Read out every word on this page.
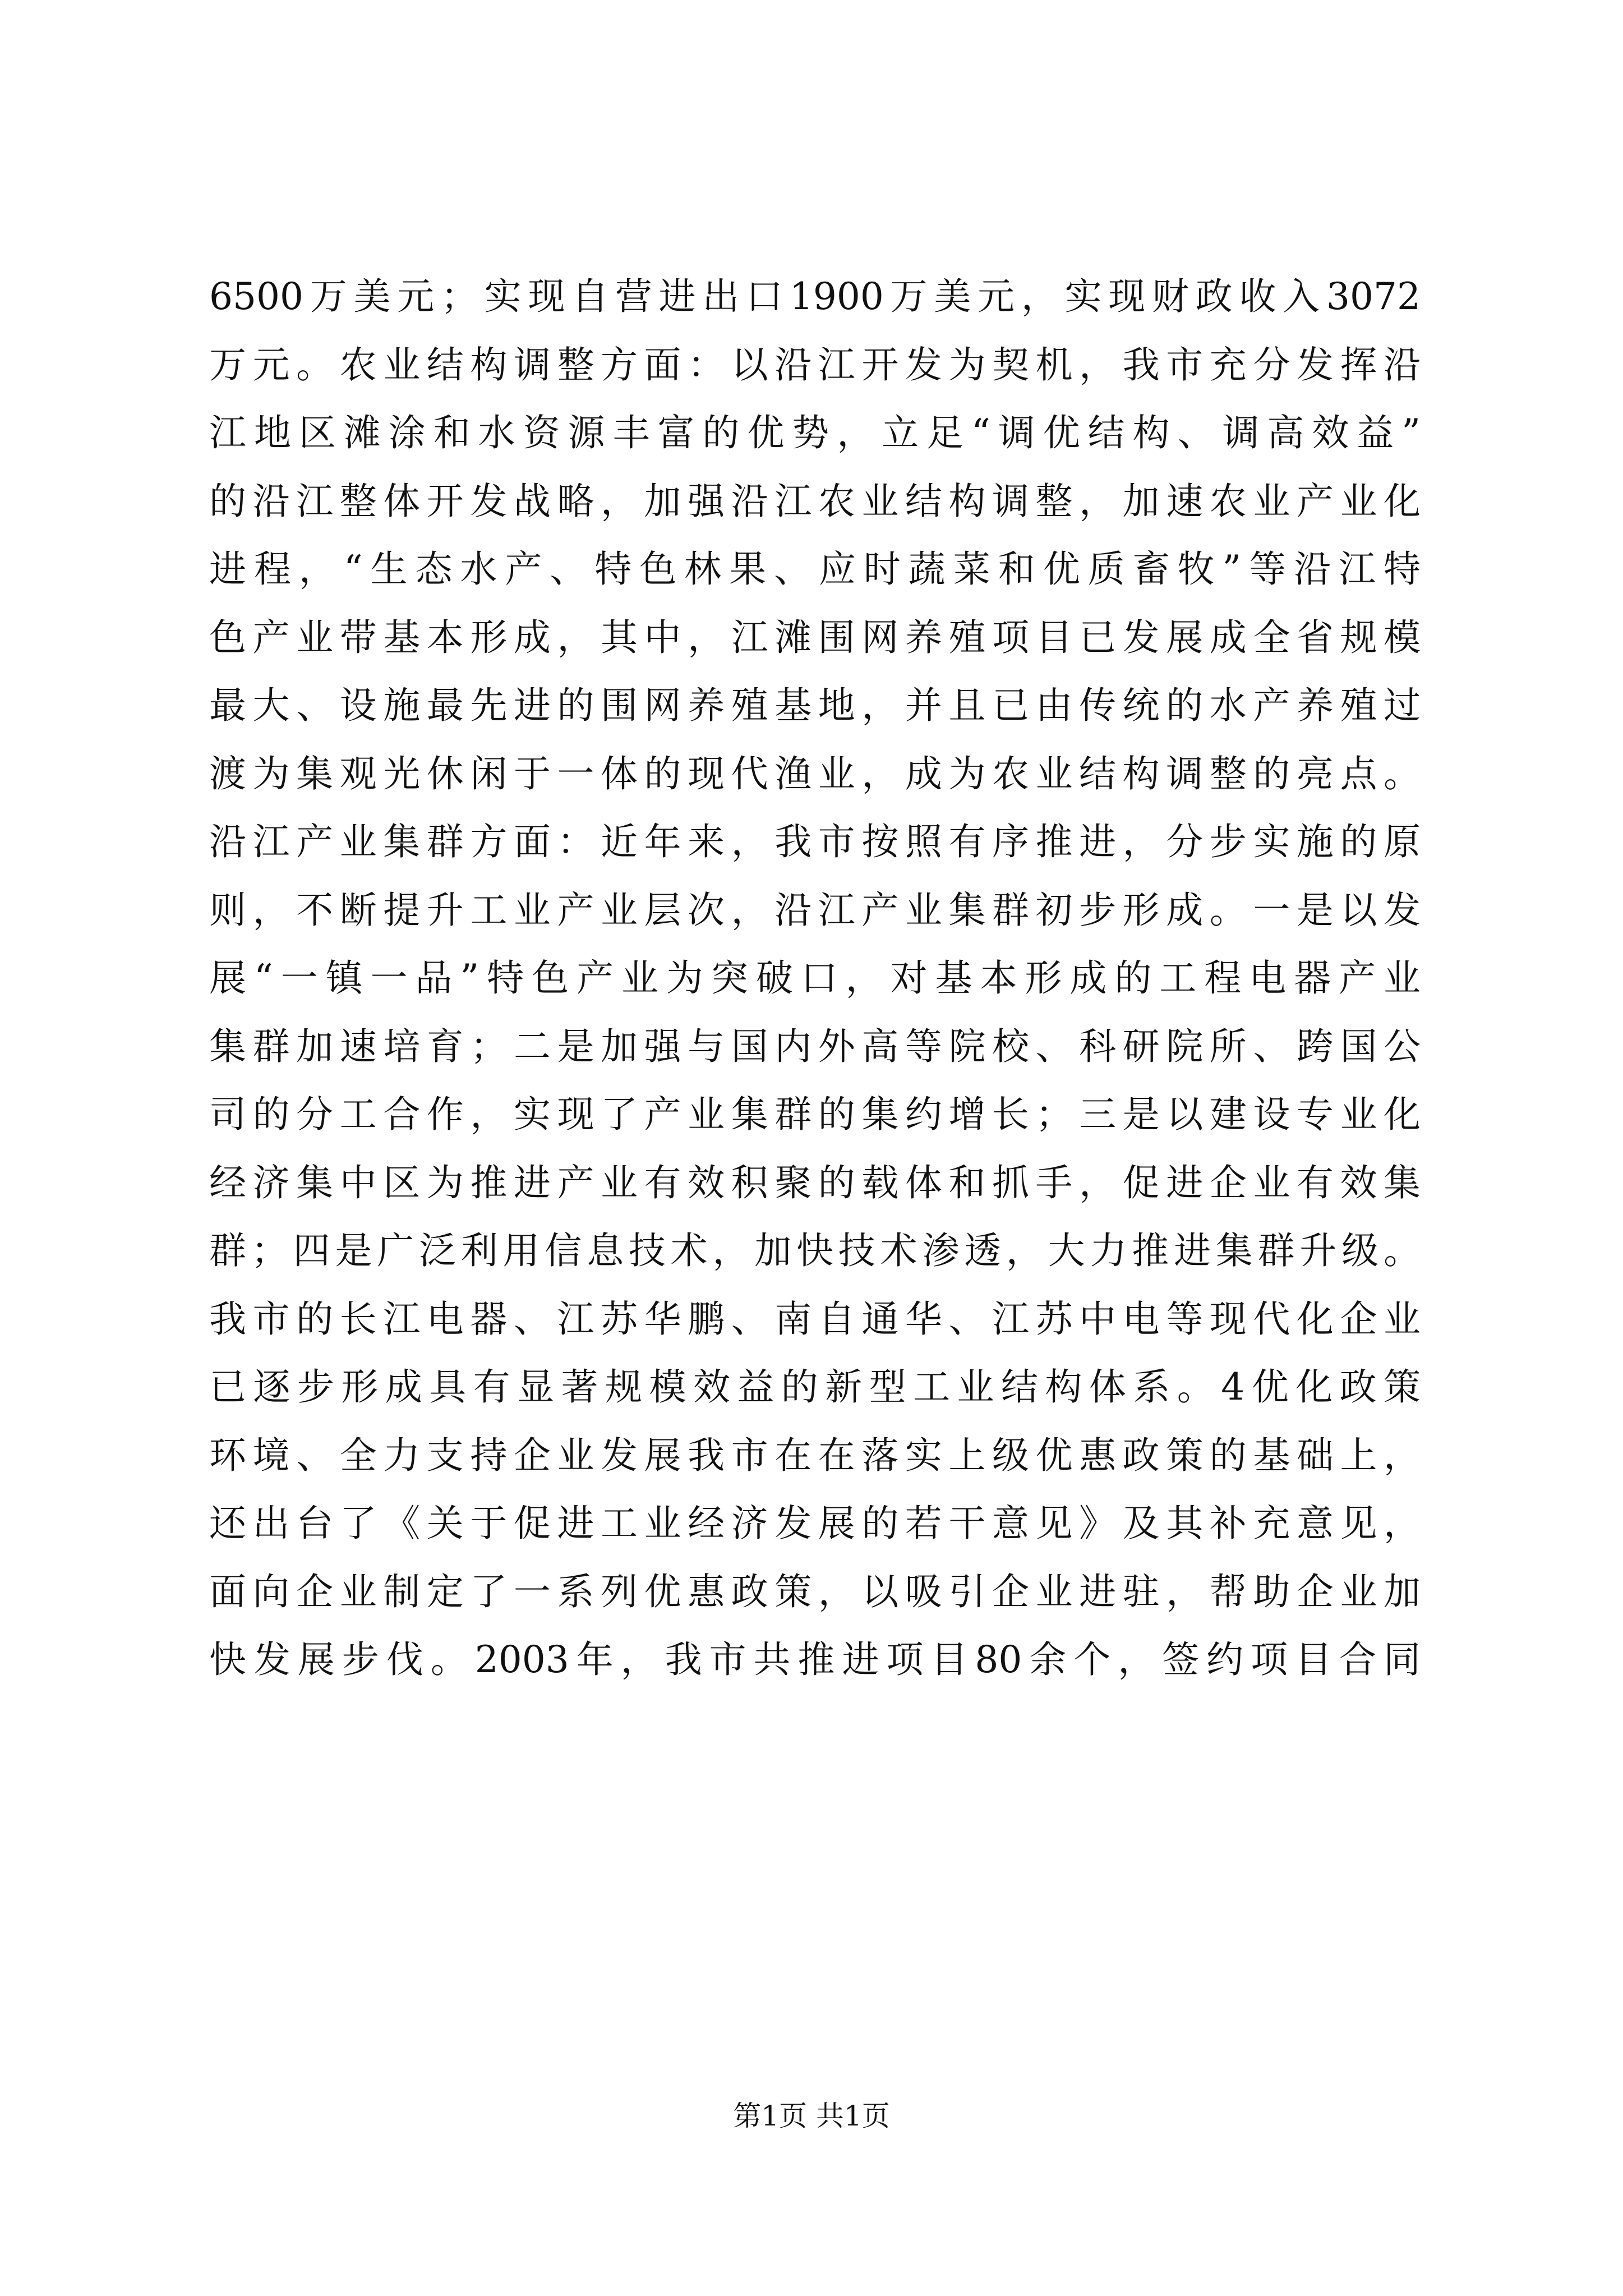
6500万美元；实现自营进出口1900万美元，实现财政收入3072
万元。农业结构调整方面：以沿江开发为契机，我市充分发挥沿
江地区滩涂和水资源丰富的优势，立足“调优结构、调高效益”
的沿江整体开发战略，加强沿江农业结构调整，加速农业产业化
进程，“生态水产、特色林果、应时蔬菜和优质畜牧”等沿江特
色产业带基本形成，其中，江滩围网养殖项目已发展成全省规模
最大、设施最先进的围网养殖基地，并且已由传统的水产养殖过
渡为集观光休闲于一体的现代渔业，成为农业结构调整的亮点。
沿江产业集群方面：近年来，我市按照有序推进，分步实施的原
则，不断提升工业产业层次，沿江产业集群初步形成。一是以发
展“一镇一品”特色产业为突破口，对基本形成的工程电器产业
集群加速培育；二是加强与国内外高等院校、科研院所、跨国公
司的分工合作，实现了产业集群的集约增长；三是以建设专业化
经济集中区为推进产业有效积聚的载体和抓手，促进企业有效集
群；四是广泛利用信息技术，加快技术渗透，大力推进集群升级。
我市的长江电器、江苏华鹏、南自通华、江苏中电等现代化企业
已逐步形成具有显著规模效益的新型工业结构体系。4优化政策
环境、全力支持企业发展我市在在落实上级优惠政策的基础上，
还出台了《关于促进工业经济发展的若干意见》及其补充意见，
面向企业制定了一系列优惠政策，以吸引企业进驻，帮助企业加
快发展步伐。2003年，我市共推进项目80余个，签约项目合同
第1页 共1页
